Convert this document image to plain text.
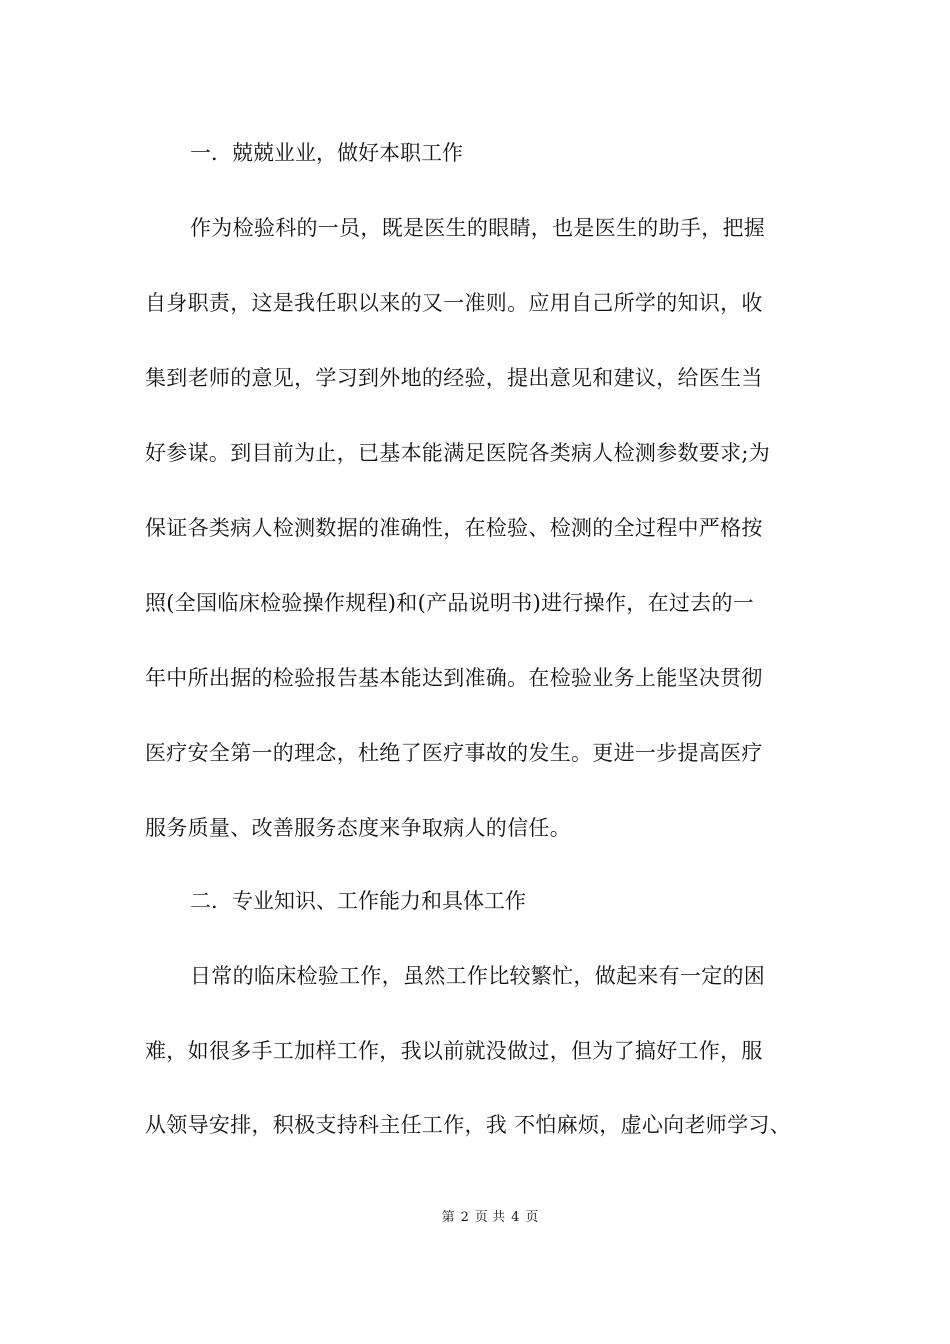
一．兢兢业业，做好本职工作
作为检验科的一员，既是医生的眼睛，也是医生的助手，把握
自身职责，这是我任职以来的又一准则。应用自己所学的知识，收
集到老师的意见，学习到外地的经验，提出意见和建议，给医生当
好参谋。到目前为止，已基本能满足医院各类病人检测参数要求;为
保证各类病人检测数据的准确性，在检验、检测的全过程中严格按
照(全国临床检验操作规程)和(产品说明书)进行操作，在过去的一
年中所出据的检验报告基本能达到准确。在检验业务上能坚决贯彻
医疗安全第一的理念，杜绝了医疗事故的发生。更进一步提高医疗
服务质量、改善服务态度来争取病人的信任。
二．专业知识、工作能力和具体工作
日常的临床检验工作，虽然工作比较繁忙，做起来有一定的困
难，如很多手工加样工作，我以前就没做过，但为了搞好工作，服
从领导安排，积极支持科主任工作，我 不怕麻烦，虚心向老师学习、
第 2 页 共 4 页
